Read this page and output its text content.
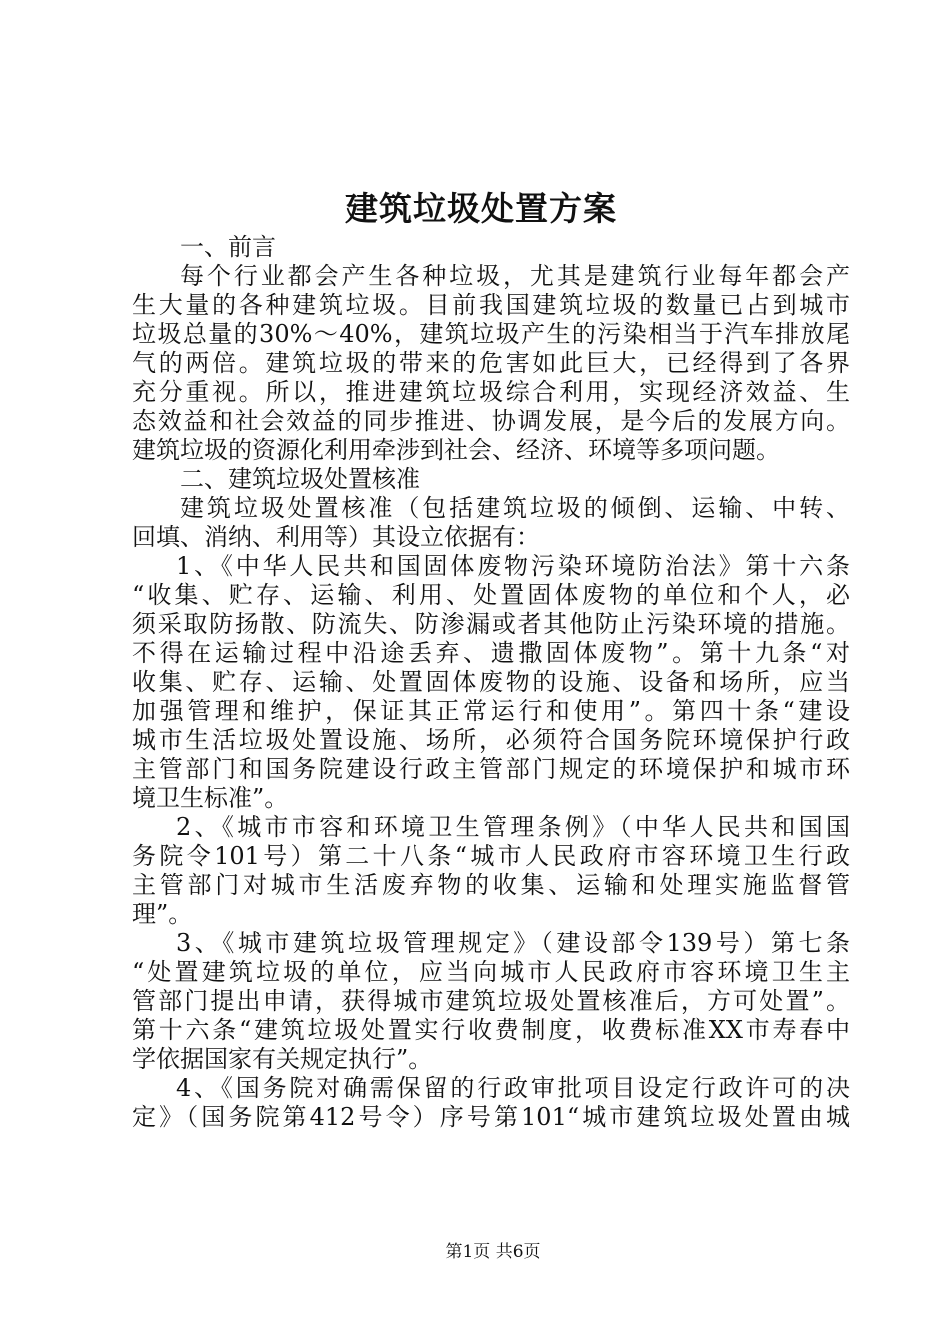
建筑垃圾处置方案
一、前言
每个行业都会产生各种垃圾，尤其是建筑行业每年都会产
生大量的各种建筑垃圾。目前我国建筑垃圾的数量已占到城市
垃圾总量的30%～40%，建筑垃圾产生的污染相当于汽车排放尾
气的两倍。建筑垃圾的带来的危害如此巨大，已经得到了各界
充分重视。所以，推进建筑垃圾综合利用，实现经济效益、生
态效益和社会效益的同步推进、协调发展，是今后的发展方向。
建筑垃圾的资源化利用牵涉到社会、经济、环境等多项问题。
二、建筑垃圾处置核准
建筑垃圾处置核准（包括建筑垃圾的倾倒、运输、中转、
回填、消纳、利用等）其设立依据有：
1、《中华人民共和国固体废物污染环境防治法》第十六条
“收集、贮存、运输、利用、处置固体废物的单位和个人，必
须采取防扬散、防流失、防渗漏或者其他防止污染环境的措施。
不得在运输过程中沿途丢弃、遗撒固体废物”。第十九条“对
收集、贮存、运输、处置固体废物的设施、设备和场所，应当
加强管理和维护，保证其正常运行和使用”。第四十条“建设
城市生活垃圾处置设施、场所，必须符合国务院环境保护行政
主管部门和国务院建设行政主管部门规定的环境保护和城市环
境卫生标准”。
2、《城市市容和环境卫生管理条例》（中华人民共和国国
务院令101号）第二十八条“城市人民政府市容环境卫生行政
主管部门对城市生活废弃物的收集、运输和处理实施监督管
理”。
3、《城市建筑垃圾管理规定》（建设部令139号）第七条
“处置建筑垃圾的单位，应当向城市人民政府市容环境卫生主
管部门提出申请，获得城市建筑垃圾处置核准后，方可处置”。
第十六条“建筑垃圾处置实行收费制度，收费标准XX市寿春中
学依据国家有关规定执行”。
4、《国务院对确需保留的行政审批项目设定行政许可的决
定》（国务院第412号令）序号第101“城市建筑垃圾处置由城
第1页 共6页
